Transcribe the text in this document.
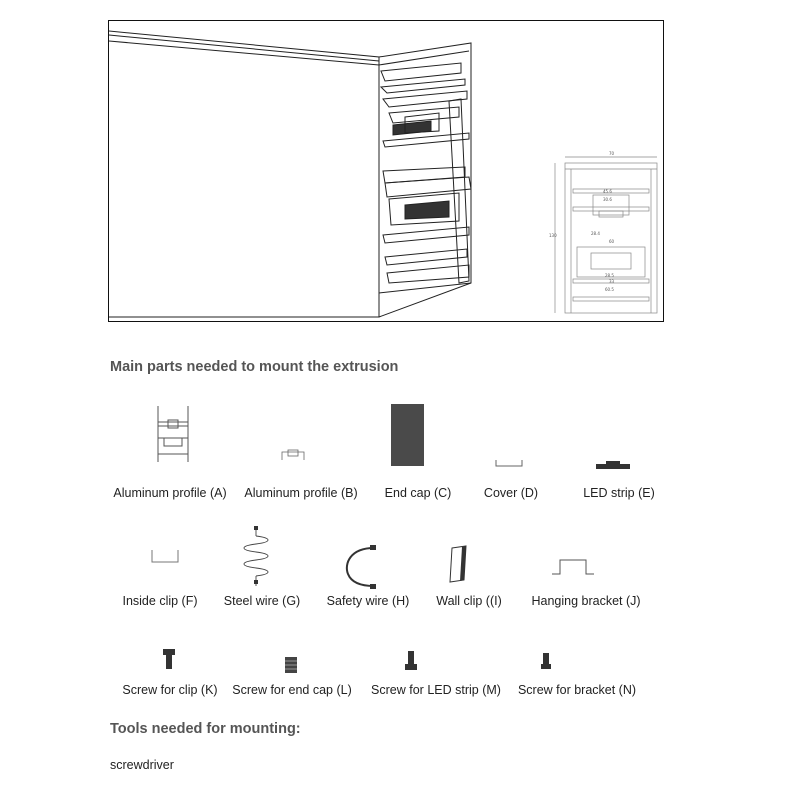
70
130
45.6
30.6
28.4
60
28.5
33
60.5
Main parts needed to mount the extrusion
Aluminum profile (A) Aluminum profile (B) End cap (C)	Cover (D)	LED strip (E)
Inside clip (F) Steel wire (G) Safety wire (H) Wall clip ((I) Hanging bracket (J)
Screw for clip (K) Screw for end cap (L) Screw for LED strip (M) Screw for bracket (N)
Tools needed for mounting:
screwdriver
